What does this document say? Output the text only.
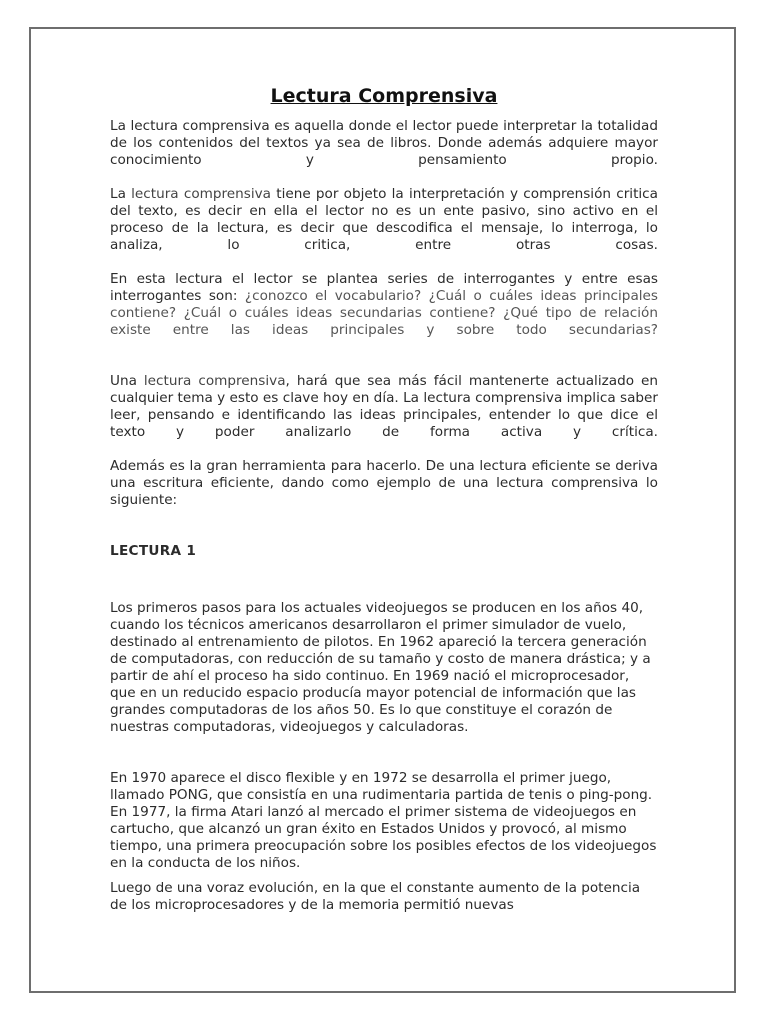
Lectura Comprensiva

La lectura comprensiva es aquella donde el lector puede interpretar la totalidad de los contenidos del textos ya sea de libros. Donde además adquiere mayor conocimiento y pensamiento propio.

La lectura comprensiva tiene por objeto la interpretación y comprensión critica del texto, es decir en ella el lector no es un ente pasivo, sino activo en el proceso de la lectura, es decir que descodifica el mensaje, lo interroga, lo analiza, lo critica, entre otras cosas.

En esta lectura el lector se plantea series de interrogantes y entre esas interrogantes son: ¿conozco el vocabulario? ¿Cuál o cuáles ideas principales contiene? ¿Cuál o cuáles ideas secundarias contiene? ¿Qué tipo de relación existe entre las ideas principales y sobre todo secundarias?

Una lectura comprensiva, hará que sea más fácil mantenerte actualizado en cualquier tema y esto es clave hoy en día. La lectura comprensiva implica saber leer, pensando e identificando las ideas principales, entender lo que dice el texto y poder analizarlo de forma activa y crítica.

Además es la gran herramienta para hacerlo. De una lectura eficiente se deriva una escritura eficiente, dando como ejemplo de una lectura comprensiva lo siguiente:

LECTURA 1

Los primeros pasos para los actuales videojuegos se producen en los años 40, cuando los técnicos americanos desarrollaron el primer simulador de vuelo, destinado al entrenamiento de pilotos. En 1962 apareció la tercera generación de computadoras, con reducción de su tamaño y costo de manera drástica; y a partir de ahí el proceso ha sido continuo. En 1969 nació el microprocesador, que en un reducido espacio producía mayor potencial de información que las grandes computadoras de los años 50. Es lo que constituye el corazón de nuestras computadoras, videojuegos y calculadoras.

En 1970 aparece el disco flexible y en 1972 se desarrolla el primer juego, llamado PONG, que consistía en una rudimentaria partida de tenis o ping-pong. En 1977, la firma Atari lanzó al mercado el primer sistema de videojuegos en cartucho, que alcanzó un gran éxito en Estados Unidos y provocó, al mismo tiempo, una primera preocupación sobre los posibles efectos de los videojuegos en la conducta de los niños.

Luego de una voraz evolución, en la que el constante aumento de la potencia de los microprocesadores y de la memoria permitió nuevas
